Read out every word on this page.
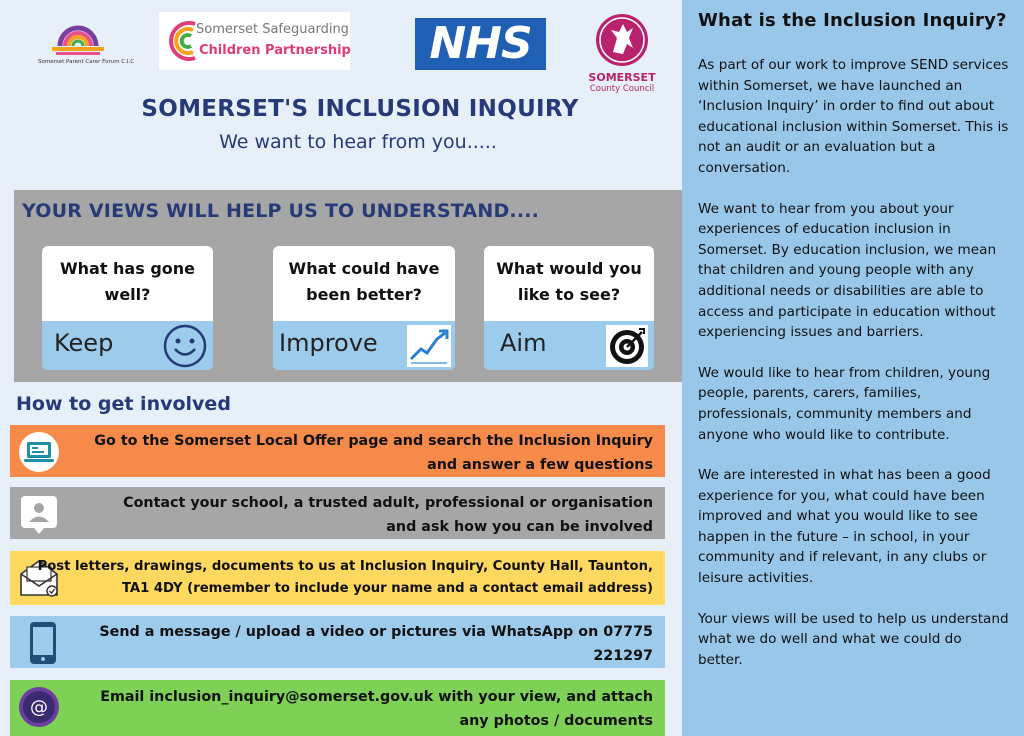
Somerset Parent Carer Forum C.I.C
Somerset Safeguarding
Children Partnership	NHS
SOMERSET
County Council
SOMERSET'S INCLUSION INQUIRY
We want to hear from you.....
YOUR VIEWS WILL HELP US TO UNDERSTAND....
What has gone well?
Keep
What could have been better?
Improve
What would you like to see?
Aim
How to get involved
Go to the Somerset Local Offer page and search the Inclusion Inquiry and answer a few questions
Contact your school, a trusted adult, professional or organisation and ask how you can be involved
Post letters, drawings, documents to us at Inclusion Inquiry, County Hall, Taunton, TA1 4DY (remember to include your name and a contact email address)
Send a message / upload a video or pictures via WhatsApp on 07775 221297
@	Email inclusion_inquiry@somerset.gov.uk with your view, and attach any photos / documents
What is the Inclusion Inquiry?

As part of our work to improve SEND services within Somerset, we have launched an ‘Inclusion Inquiry’ in order to find out about educational inclusion within Somerset. This is not an audit or an evaluation but a conversation.

We want to hear from you about your experiences of education inclusion in Somerset. By education inclusion, we mean that children and young people with any additional needs or disabilities are able to access and participate in education without experiencing issues and barriers.

We would like to hear from children, young people, parents, carers, families, professionals, community members and anyone who would like to contribute.

We are interested in what has been a good experience for you, what could have been improved and what you would like to see happen in the future – in school, in your community and if relevant, in any clubs or leisure activities.

Your views will be used to help us understand what we do well and what we could do better.
